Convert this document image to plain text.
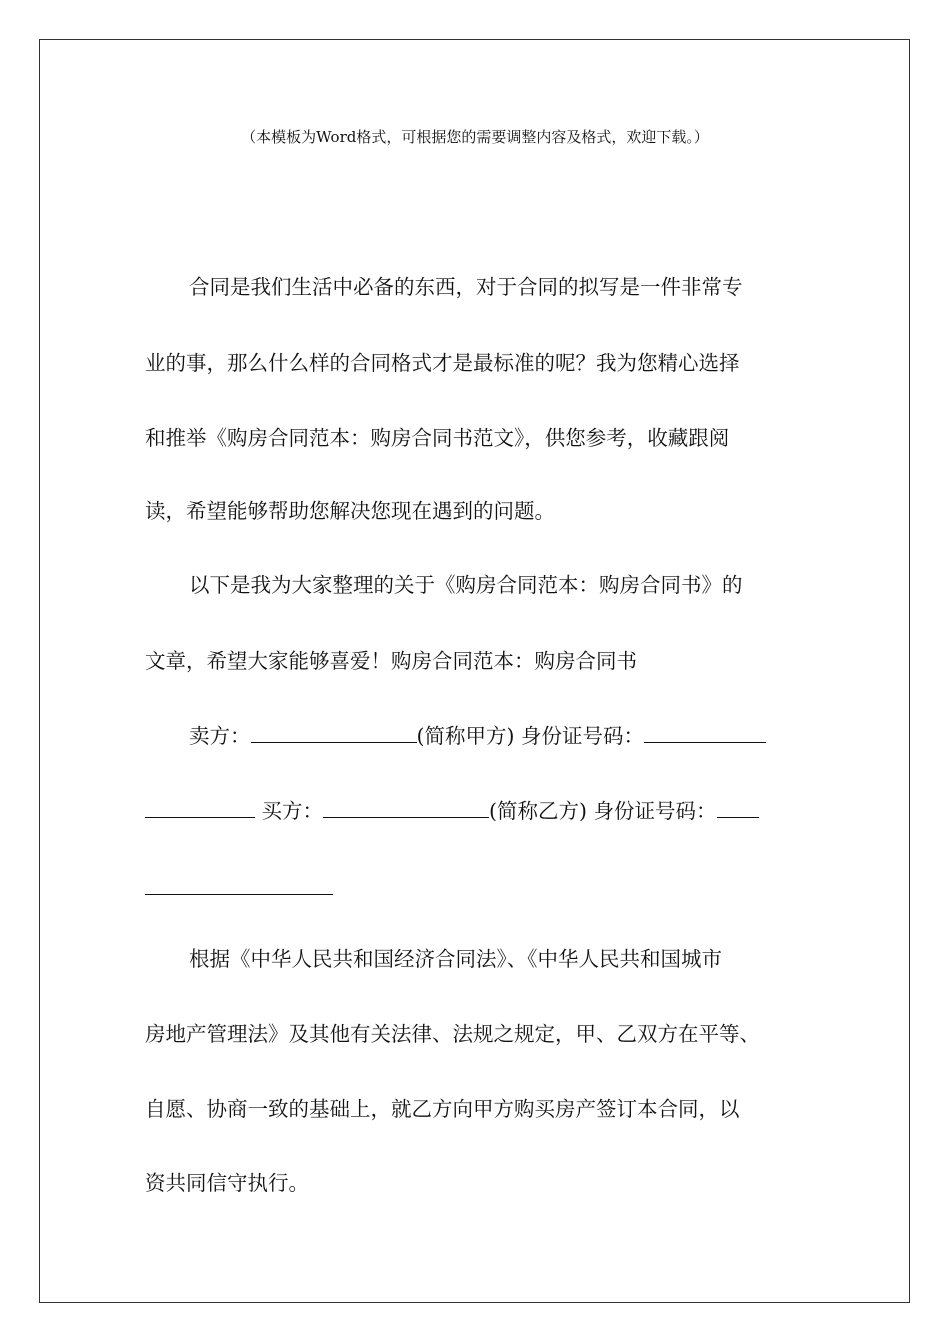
（本模板为Word格式，可根据您的需要调整内容及格式，欢迎下载。）
合同是我们生活中必备的东西，对于合同的拟写是一件非常专
业的事，那么什么样的合同格式才是最标准的呢？我为您精心选择
和推举《购房合同范本：购房合同书范文》，供您参考，收藏跟阅
读，希望能够帮助您解决您现在遇到的问题。
以下是我为大家整理的关于《购房合同范本：购房合同书》的
文章，希望大家能够喜爱！购房合同范本：购房合同书
卖方：	(简称甲方) 身份证号码：
买方：	(简称乙方) 身份证号码：
根据《中华人民共和国经济合同法》、《中华人民共和国城市
房地产管理法》及其他有关法律、法规之规定，甲、乙双方在平等、
自愿、协商一致的基础上，就乙方向甲方购买房产签订本合同，以
资共同信守执行。
